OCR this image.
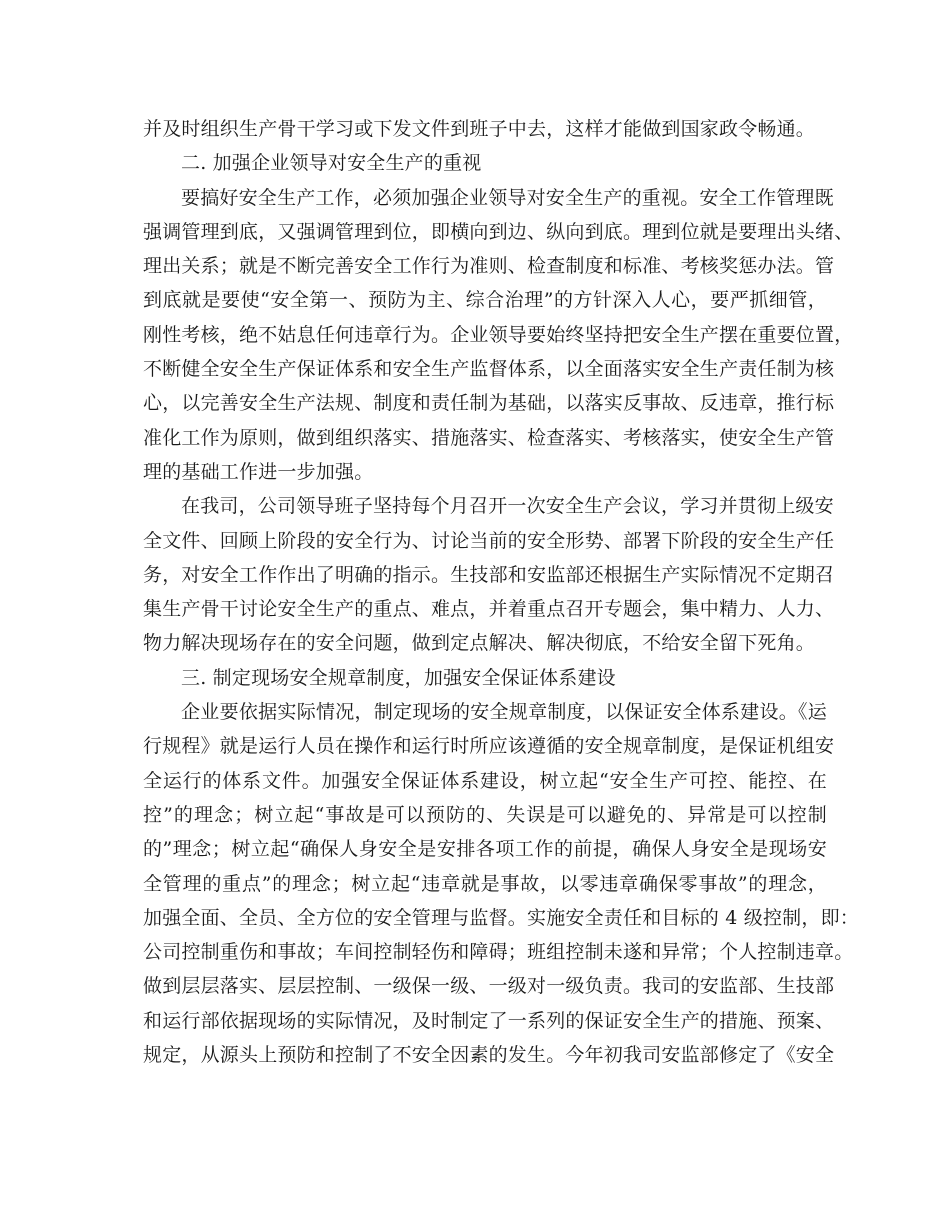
并及时组织生产骨干学习或下发文件到班子中去，这样才能做到国家政令畅通。
二. 加强企业领导对安全生产的重视
要搞好安全生产工作，必须加强企业领导对安全生产的重视。安全工作管理既
强调管理到底，又强调管理到位，即横向到边、纵向到底。理到位就是要理出头绪、
理出关系；就是不断完善安全工作行为准则、检查制度和标准、考核奖惩办法。管
到底就是要使“安全第一、预防为主、综合治理”的方针深入人心，要严抓细管，
刚性考核，绝不姑息任何违章行为。企业领导要始终坚持把安全生产摆在重要位置，
不断健全安全生产保证体系和安全生产监督体系，以全面落实安全生产责任制为核
心，以完善安全生产法规、制度和责任制为基础，以落实反事故、反违章，推行标
准化工作为原则，做到组织落实、措施落实、检查落实、考核落实，使安全生产管
理的基础工作进一步加强。
在我司，公司领导班子坚持每个月召开一次安全生产会议，学习并贯彻上级安
全文件、回顾上阶段的安全行为、讨论当前的安全形势、部署下阶段的安全生产任
务，对安全工作作出了明确的指示。生技部和安监部还根据生产实际情况不定期召
集生产骨干讨论安全生产的重点、难点，并着重点召开专题会，集中精力、人力、
物力解决现场存在的安全问题，做到定点解决、解决彻底，不给安全留下死角。
三. 制定现场安全规章制度，加强安全保证体系建设
企业要依据实际情况，制定现场的安全规章制度，以保证安全体系建设。《运
行规程》就是运行人员在操作和运行时所应该遵循的安全规章制度，是保证机组安
全运行的体系文件。加强安全保证体系建设，树立起“安全生产可控、能控、在
控”的理念；树立起“事故是可以预防的、失误是可以避免的、异常是可以控制
的”理念；树立起“确保人身安全是安排各项工作的前提，确保人身安全是现场安
全管理的重点”的理念；树立起“违章就是事故，以零违章确保零事故”的理念，
加强全面、全员、全方位的安全管理与监督。实施安全责任和目标的 4 级控制，即：
公司控制重伤和事故；车间控制轻伤和障碍；班组控制未遂和异常；个人控制违章。
做到层层落实、层层控制、一级保一级、一级对一级负责。我司的安监部、生技部
和运行部依据现场的实际情况，及时制定了一系列的保证安全生产的措施、预案、
规定，从源头上预防和控制了不安全因素的发生。今年初我司安监部修定了《安全
